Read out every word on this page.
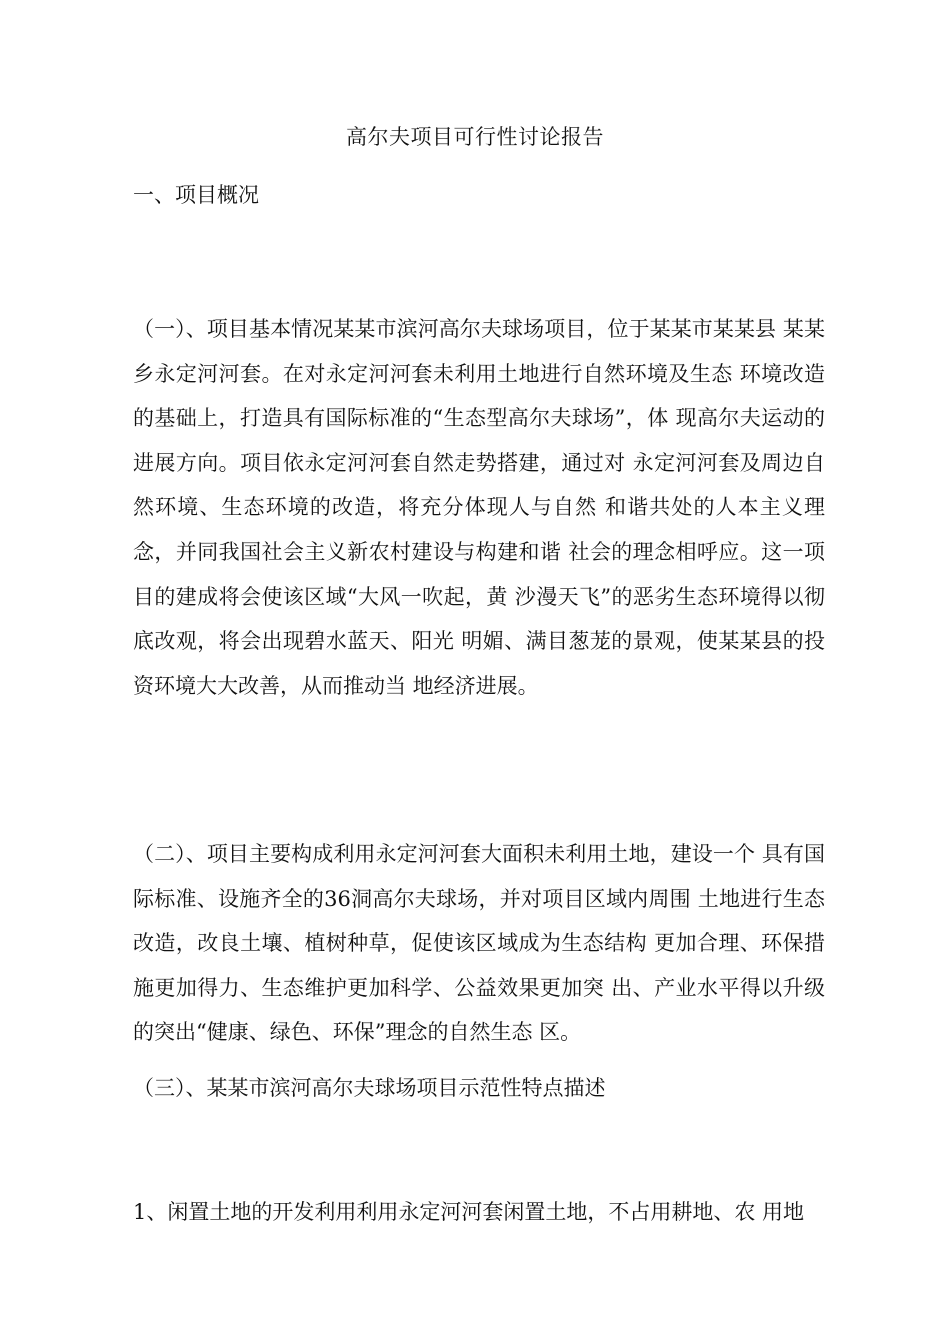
高尔夫项目可行性讨论报告
一、项目概况
（一）、项目基本情况某某市滨河高尔夫球场项目，位于某某市某某县 某某乡永定河河套。在对永定河河套未利用土地进行自然环境及生态 环境改造的基础上，打造具有国际标准的“生态型高尔夫球场”，体 现高尔夫运动的进展方向。项目依永定河河套自然走势搭建，通过对 永定河河套及周边自然环境、生态环境的改造，将充分体现人与自然 和谐共处的人本主义理念，并同我国社会主义新农村建设与构建和谐 社会的理念相呼应。这一项目的建成将会使该区域“大风一吹起，黄 沙漫天飞”的恶劣生态环境得以彻底改观，将会出现碧水蓝天、阳光 明媚、满目葱茏的景观，使某某县的投资环境大大改善，从而推动当 地经济进展。
（二）、项目主要构成利用永定河河套大面积未利用土地，建设一个 具有国际标准、设施齐全的36洞高尔夫球场，并对项目区域内周围 土地进行生态改造，改良土壤、植树种草，促使该区域成为生态结构 更加合理、环保措施更加得力、生态维护更加科学、公益效果更加突 出、产业水平得以升级的突出“健康、绿色、环保”理念的自然生态 区。
（三）、某某市滨河高尔夫球场项目示范性特点描述
1、闲置土地的开发利用利用永定河河套闲置土地，不占用耕地、农 用地
